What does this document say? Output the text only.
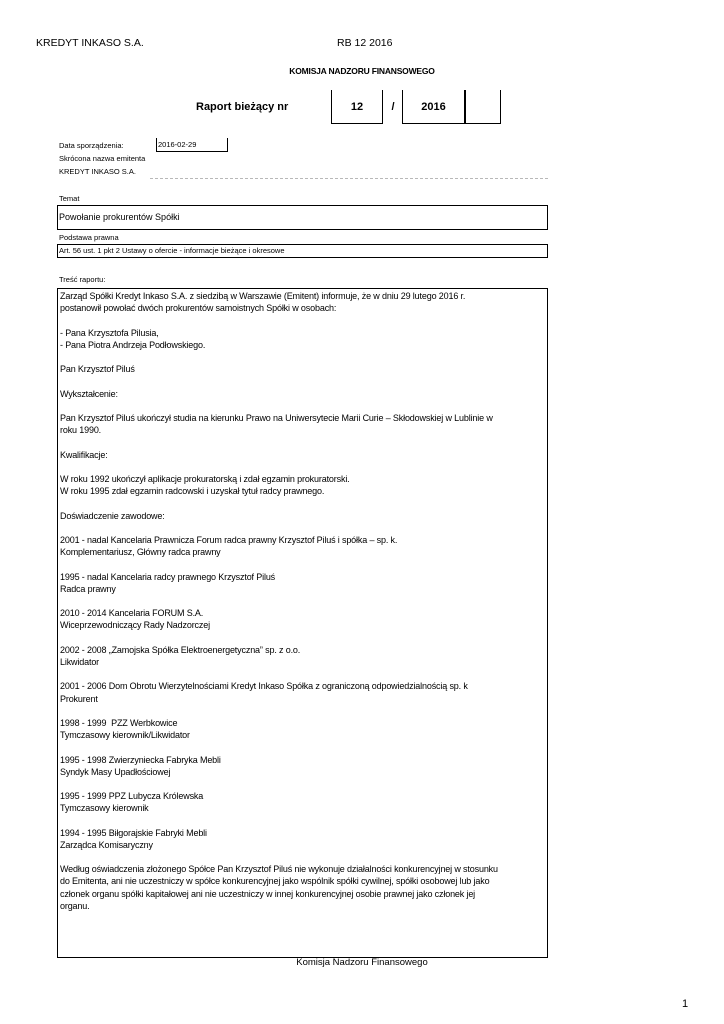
KREDYT INKASO S.A.	RB 12 2016
KOMISJA NADZORU FINANSOWEGO
Raport bieżący nr	12	/	2016
Data sporządzenia:	2016-02-29
Skrócona nazwa emitenta
KREDYT INKASO S.A.
Temat
Powołanie prokurentów Spółki
Podstawa prawna
Art. 56 ust. 1 pkt 2 Ustawy o ofercie - informacje bieżące i okresowe
Treść raportu:
Zarząd Spółki Kredyt Inkaso S.A. z siedzibą w Warszawie (Emitent) informuje, że w dniu 29 lutego 2016 r.
postanowił powołać dwóch prokurentów samoistnych Spółki w osobach:
- Pana Krzysztofa Pilusia,
- Pana Piotra Andrzeja Podłowskiego.
Pan Krzysztof Piluś
Wykształcenie:
Pan Krzysztof Piluś ukończył studia na kierunku Prawo na Uniwersytecie Marii Curie – Skłodowskiej w Lublinie w
roku 1990.
Kwalifikacje:
W roku 1992 ukończył aplikacje prokuratorską i zdał egzamin prokuratorski.
W roku 1995 zdał egzamin radcowski i uzyskał tytuł radcy prawnego.
Doświadczenie zawodowe:
2001 - nadal Kancelaria Prawnicza Forum radca prawny Krzysztof Piluś i spółka – sp. k.
Komplementariusz, Główny radca prawny
1995 - nadal Kancelaria radcy prawnego Krzysztof Piluś
Radca prawny
2010 - 2014 Kancelaria FORUM S.A.
Wiceprzewodniczący Rady Nadzorczej
2002 - 2008 „Zamojska Spółka Elektroenergetyczna” sp. z o.o.
Likwidator
2001 - 2006 Dom Obrotu Wierzytelnościami Kredyt Inkaso Spółka z ograniczoną odpowiedzialnością sp. k
Prokurent
1998 - 1999  PZZ Werbkowice
Tymczasowy kierownik/Likwidator
1995 - 1998 Zwierzyniecka Fabryka Mebli
Syndyk Masy Upadłościowej
1995 - 1999 PPZ Lubycza Królewska
Tymczasowy kierownik
1994 - 1995 Biłgorajskie Fabryki Mebli
Zarządca Komisaryczny
Według oświadczenia złożonego Spółce Pan Krzysztof Piluś nie wykonuje działalności konkurencyjnej w stosunku
do Emitenta, ani nie uczestniczy w spółce konkurencyjnej jako wspólnik spółki cywilnej, spółki osobowej lub jako
członek organu spółki kapitałowej ani nie uczestniczy w innej konkurencyjnej osobie prawnej jako członek jej
organu.
Komisja Nadzoru Finansowego
1
